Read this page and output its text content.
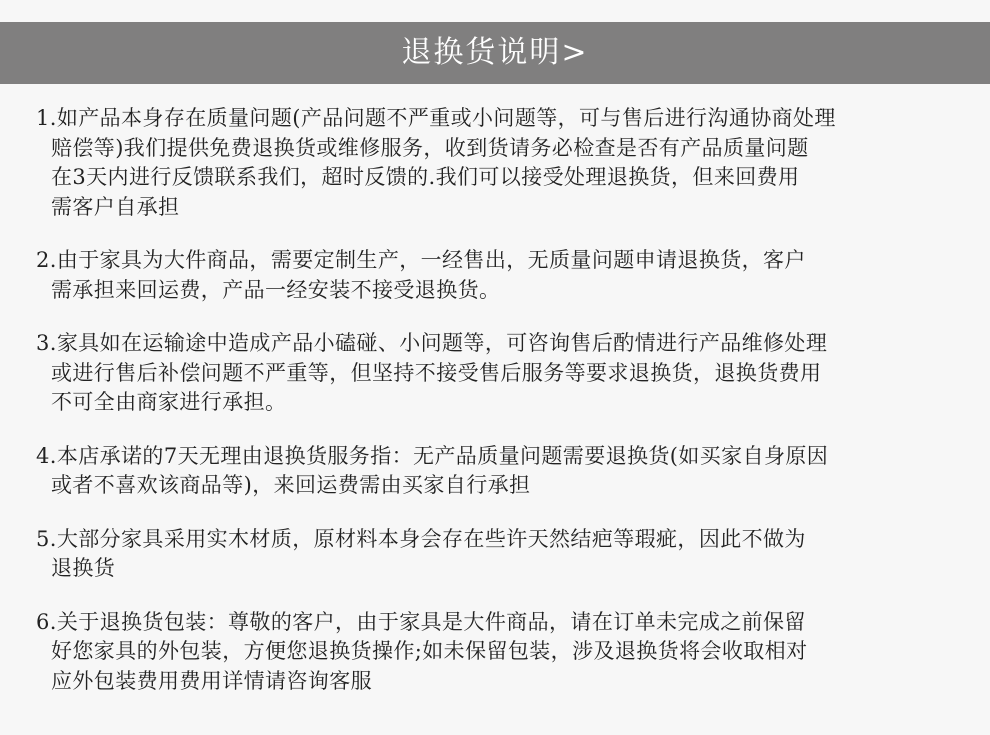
退换货说明>
1.如产品本身存在质量问题(产品问题不严重或小问题等，可与售后进行沟通协商处理
赔偿等)我们提供免费退换货或维修服务，收到货请务必检查是否有产品质量问题
在3天内进行反馈联系我们，超时反馈的.我们可以接受处理退换货，但来回费用
需客户自承担
2.由于家具为大件商品，需要定制生产，一经售出，无质量问题申请退换货，客户
需承担来回运费，产品一经安装不接受退换货。
3.家具如在运输途中造成产品小磕碰、小问题等，可咨询售后酌情进行产品维修处理
或进行售后补偿问题不严重等，但坚持不接受售后服务等要求退换货，退换货费用
不可全由商家进行承担。
4.本店承诺的7天无理由退换货服务指：无产品质量问题需要退换货(如买家自身原因
或者不喜欢该商品等)，来回运费需由买家自行承担
5.大部分家具采用实木材质，原材料本身会存在些许天然结疤等瑕疵，因此不做为
退换货
6.关于退换货包装：尊敬的客户，由于家具是大件商品，请在订单未完成之前保留
好您家具的外包装，方便您退换货操作;如未保留包装，涉及退换货将会收取相对
应外包装费用费用详情请咨询客服
